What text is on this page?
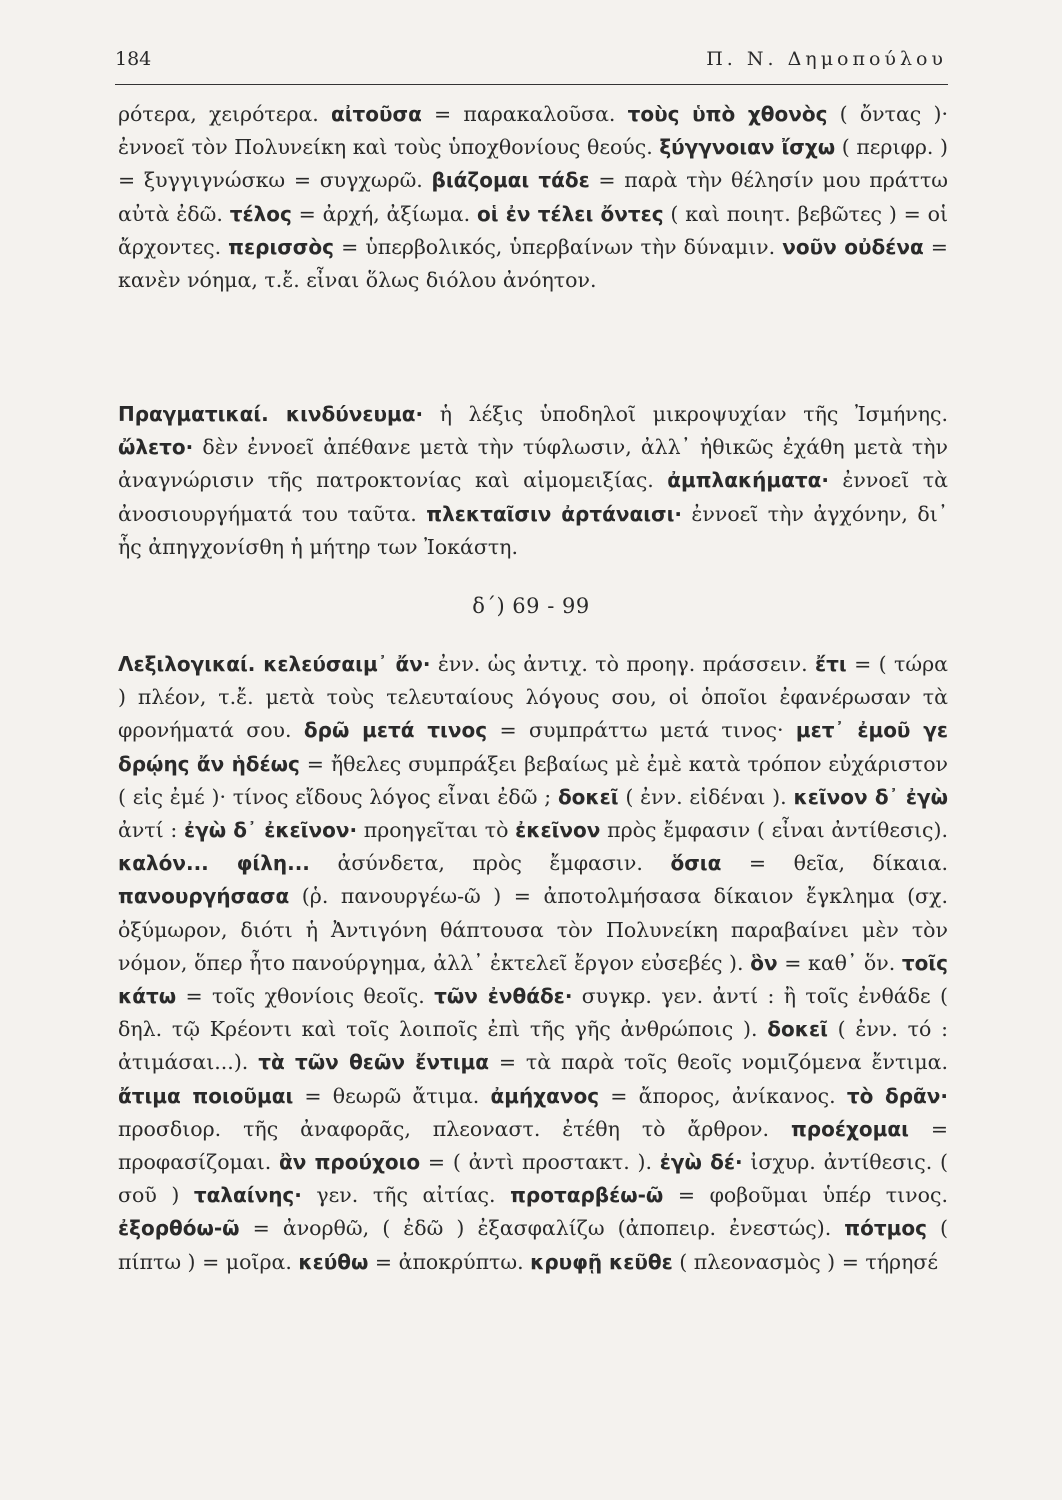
184	Π. Ν. Δημοπούλου
ρότερα, χειρότερα. αἰτοῦσα = παρακαλοῦσα. τοὺς ὑπὸ χθονὸς ( ὄντας )· ἐννοεῖ τὸν Πολυνείκη καὶ τοὺς ὑποχθονίους θεούς. ξύγγνοιαν ἴσχω ( περιφρ. ) = ξυγγιγνώσκω = συγχωρῶ. βιάζομαι τάδε = παρὰ τὴν θέλησίν μου πράττω αὐτὰ ἐδῶ. τέλος = ἀρχή, ἀξίωμα. οἱ ἐν τέλει ὄντες ( καὶ ποιητ. βεβῶτες ) = οἱ ἄρχοντες. περισσὸς = ὑπερβολικός, ὑπερβαίνων τὴν δύναμιν. νοῦν οὐδένα = κανὲν νόημα, τ.ἔ. εἶναι ὅλως διόλου ἀνόητον.
Πραγματικαί. κινδύνευμα· ἡ λέξις ὑποδηλοῖ μικροψυχίαν τῆς Ἰσμήνης. ὤλετο· δὲν ἐννοεῖ ἀπέθανε μετὰ τὴν τύφλωσιν, ἀλλ᾽ ἠθικῶς ἐχάθη μετὰ τὴν ἀναγνώρισιν τῆς πατροκτονίας καὶ αἱμομειξίας. ἀμπλακήματα· ἐννοεῖ τὰ ἀνοσιουργήματά του ταῦτα. πλεκταῖσιν ἀρτάναισι· ἐννοεῖ τὴν ἀγχόνην, δι᾽ ἧς ἀπηγχονίσθη ἡ μήτηρ των Ἰοκάστη.
δ΄) 69 - 99
Λεξιλογικαί. κελεύσαιμ᾽ ἄν· ἐνν. ὡς ἀντιχ. τὸ προηγ. πράσσειν. ἔτι = ( τώρα ) πλέον, τ.ἔ. μετὰ τοὺς τελευταίους λόγους σου, οἱ ὁποῖοι ἐφανέρωσαν τὰ φρονήματά σου. δρῶ μετά τινος = συμπράττω μετά τινος· μετ᾽ ἐμοῦ γε δρῴης ἄν ἡδέως = ἤθελες συμπράξει βεβαίως μὲ ἐμὲ κατὰ τρόπον εὐχάριστον ( εἰς ἐμέ )· τίνος εἴδους λόγος εἶναι ἐδῶ ; δοκεῖ ( ἐνν. εἰδέναι ). κεῖνον δ᾽ ἐγὼ ἀντί : ἐγὼ δ᾽ ἐκεῖνον· προηγεῖται τὸ ἐκεῖνον πρὸς ἔμφασιν ( εἶναι ἀντίθεσις). καλόν... φίλη... ἀσύνδετα, πρὸς ἔμφασιν. ὅσια = θεῖα, δίκαια. πανουργήσασα (ῥ. πανουργέω-ῶ ) = ἀποτολμήσασα δίκαιον ἔγκλημα (σχ. ὀξύμωρον, διότι ἡ Ἀντιγόνη θάπτουσα τὸν Πολυνείκη παραβαίνει μὲν τὸν νόμον, ὅπερ ἦτο πανούργημα, ἀλλ᾽ ἐκτελεῖ ἔργον εὐσεβές ). ὃν = καθ᾽ ὅν. τοῖς κάτω = τοῖς χθονίοις θεοῖς. τῶν ἐνθάδε· συγκρ. γεν. ἀντί : ἢ τοῖς ἐνθάδε ( δηλ. τῷ Κρέοντι καὶ τοῖς λοιποῖς ἐπὶ τῆς γῆς ἀνθρώποις ). δοκεῖ ( ἐνν. τό : ἀτιμάσαι...). τὰ τῶν θεῶν ἔντιμα = τὰ παρὰ τοῖς θεοῖς νομιζόμενα ἔντιμα. ἄτιμα ποιοῦμαι = θεωρῶ ἄτιμα. ἀμήχανος = ἄπορος, ἀνίκανος. τὸ δρᾶν· προσδιορ. τῆς ἀναφορᾶς, πλεοναστ. ἐτέθη τὸ ἄρθρον. προέχομαι = προφασίζομαι. ἂν προύχοιο = ( ἀντὶ προστακτ. ). ἐγὼ δέ· ἰσχυρ. ἀντίθεσις. ( σοῦ ) ταλαίνης· γεν. τῆς αἰτίας. προταρβέω-ῶ = φοβοῦμαι ὑπέρ τινος. ἐξορθόω-ῶ = ἀνορθῶ, ( ἐδῶ ) ἐξασφαλίζω (ἀποπειρ. ἐνεστώς). πότμος ( πίπτω ) = μοῖρα. κεύθω = ἀποκρύπτω. κρυφῇ κεῦθε ( πλεονασμὸς ) = τήρησέ
